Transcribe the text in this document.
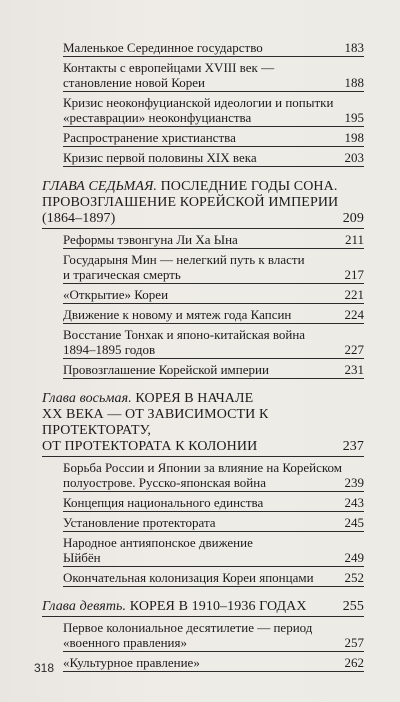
Маленькое Серединное государство	183
Контакты с европейцами XVIII век —
становление новой Кореи	188
Кризис неоконфуцианской идеологии и попытки
«реставрации» неоконфуцианства	195
Распространение христианства	198
Кризис первой половины XIX века	203
ГЛАВА СЕДЬМАЯ. ПОСЛЕДНИЕ ГОДЫ СОНА.
ПРОВОЗГЛАШЕНИЕ КОРЕЙСКОЙ ИМПЕРИИ
(1864–1897)	209
Реформы тэвонгуна Ли Ха Ына	211
Государыня Мин — нелегкий путь к власти
и трагическая смерть	217
«Открытие» Кореи	221
Движение к новому и мятеж года Капсин	224
Восстание Тонхак и японо-китайская война
1894–1895 годов	227
Провозглашение Корейской империи	231
Глава восьмая. КОРЕЯ В НАЧАЛЕ
XX ВЕКА — ОТ ЗАВИСИМОСТИ К ПРОТЕКТОРАТУ,
ОТ ПРОТЕКТОРАТА К КОЛОНИИ	237
Борьба России и Японии за влияние на Корейском
полуострове. Русско-японская война	239
Концепция национального единства	243
Установление протектората	245
Народное антияпонское движение
Ыйбён	249
Окончательная колонизация Кореи японцами	252
Глава девять. КОРЕЯ В 1910–1936 ГОДАХ	255
Первое колониальное десятилетие — период
«военного правления»	257
«Культурное правление»	262
318
